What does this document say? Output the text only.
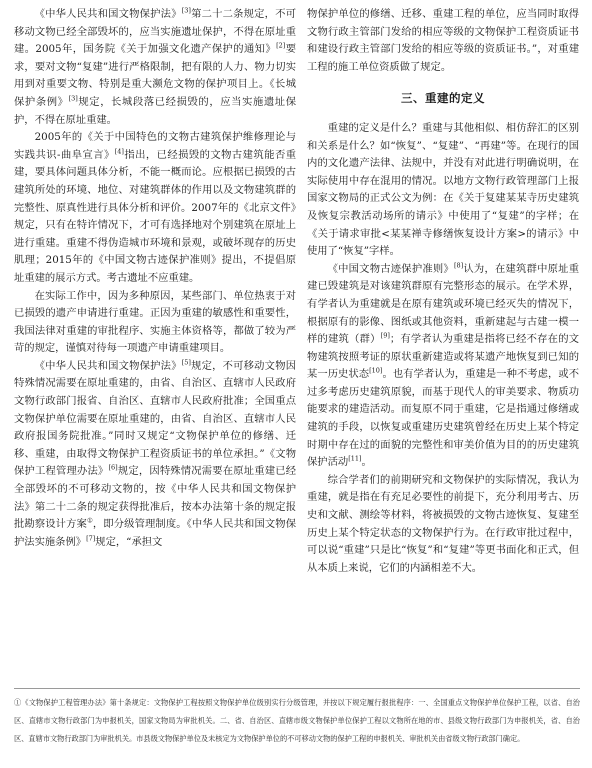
《中华人民共和国文物保护法》[3]第二十二条规定，不可移动文物已经全部毁坏的，应当实施遗址保护，不得在原址重建。2005年，国务院《关于加强文化遗产保护的通知》[2]要求，要对文物“复建”进行严格限制，把有限的人力、物力切实用到对重要文物、特别是重大濒危文物的保护项目上。《长城保护条例》[3]规定，长城段落已经损毁的，应当实施遗址保护，不得在原址重建。

2005年的《关于中国特色的文物古建筑保护维修理论与实践共识-曲阜宣言》[4]指出，已经损毁的文物古建筑能否重建，要具体问题具体分析，不能一概而论。应根据已损毁的古建筑所处的环境、地位、对建筑群体的作用以及文物建筑群的完整性、原真性进行具体分析和评价。2007年的《北京文件》规定，只有在特许情况下，才可有选择地对个别建筑在原址上进行重建。重建不得伪造城市环境和景观，或破坏现存的历史肌理；2015年的《中国文物古迹保护准则》提出，不提倡原址重建的展示方式。考古遗址不应重建。

在实际工作中，因为多种原因，某些部门、单位热衷于对已损毁的遗产申请进行重建。正因为重建的敏感性和重要性，我国法律对重建的审批程序、实施主体资格等，都做了较为严苛的规定，谨慎对待每一项遗产申请重建项目。

《中华人民共和国文物保护法》[5]规定，不可移动文物因特殊情况需要在原址重建的，由省、自治区、直辖市人民政府文物行政部门报省、自治区、直辖市人民政府批准；全国重点文物保护单位需要在原址重建的，由省、自治区、直辖市人民政府报国务院批准。”同时又规定“文物保护单位的修缮、迁移、重建，由取得文物保护工程资质证书的单位承担。”《文物保护工程管理办法》[6]规定，因特殊情况需要在原址重建已经全部毁坏的不可移动文物的，按《中华人民共和国文物保护法》第二十二条的规定获得批准后，按本办法第十条的规定报批勘察设计方案①，即分级管理制度。《中华人民共和国文物保护法实施条例》[7]规定，“承担文

物保护单位的修缮、迁移、重建工程的单位，应当同时取得文物行政主管部门发给的相应等级的文物保护工程资质证书和建设行政主管部门发给的相应等级的资质证书。”，对重建工程的施工单位资质做了规定。

三、重建的定义

重建的定义是什么？重建与其他相似、相仿辞汇的区别和关系是什么？如“恢复”、“复建”、“再建”等。在现行的国内的文化遗产法律、法规中，并没有对此进行明确说明，在实际使用中存在混用的情况。以地方文物行政管理部门上报国家文物局的正式公文为例：在《关于复建某某寺历史建筑及恢复宗教活动场所的请示》中使用了“复建”的字样；在《关于请求审批<某某禅寺修缮恢复设计方案>的请示》中使用了“恢复”字样。

《中国文物古迹保护准则》[8]认为，在建筑群中原址重建已毁建筑是对该建筑群原有完整形态的展示。在学术界，有学者认为重建就是在原有建筑或环境已经灭失的情况下，根据原有的影像、图纸或其他资料，重新建起与古建一模一样的建筑（群）[9]；有学者认为重建是指将已经不存在的文物建筑按照考证的原状重新建造或将某遗产地恢复到已知的某一历史状态[10]。也有学者认为，重建是一种不考虑，或不过多考虑历史建筑原貌，而基于现代人的审美要求、物质功能要求的建造活动。而复原不同于重建，它是指通过修缮或建筑的手段，以恢复或重建历史建筑曾经在历史上某个特定时期中存在过的面貌的完整性和审美价值为目的的历史建筑保护活动[11]。

综合学者们的前期研究和文物保护的实际情况，我认为重建，就是指在有充足必要性的前提下，充分利用考古、历史和文献、测绘等材料，将被损毁的文物古迹恢复、复建至历史上某个特定状态的文物保护行为。在行政审批过程中，可以说“重建”只是比“恢复”和“复建”等更书面化和正式，但从本质上来说，它们的内涵相差不大。

①《文物保护工程管理办法》第十条规定：文物保护工程按照文物保护单位级别实行分级管理，并按以下规定履行报批程序：一、全国重点文物保护单位保护工程，以省、自治区、直辖市文物行政部门为申报机关，国家文物局为审批机关。二、省、自治区、直辖市级文物保护单位保护工程以文物所在地的市、县级文物行政部门为申报机关，省、自治区、直辖市文物行政部门为审批机关。市县级文物保护单位及未核定为文物保护单位的不可移动文物的保护工程的申报机关、审批机关由省级文物行政部门确定。
